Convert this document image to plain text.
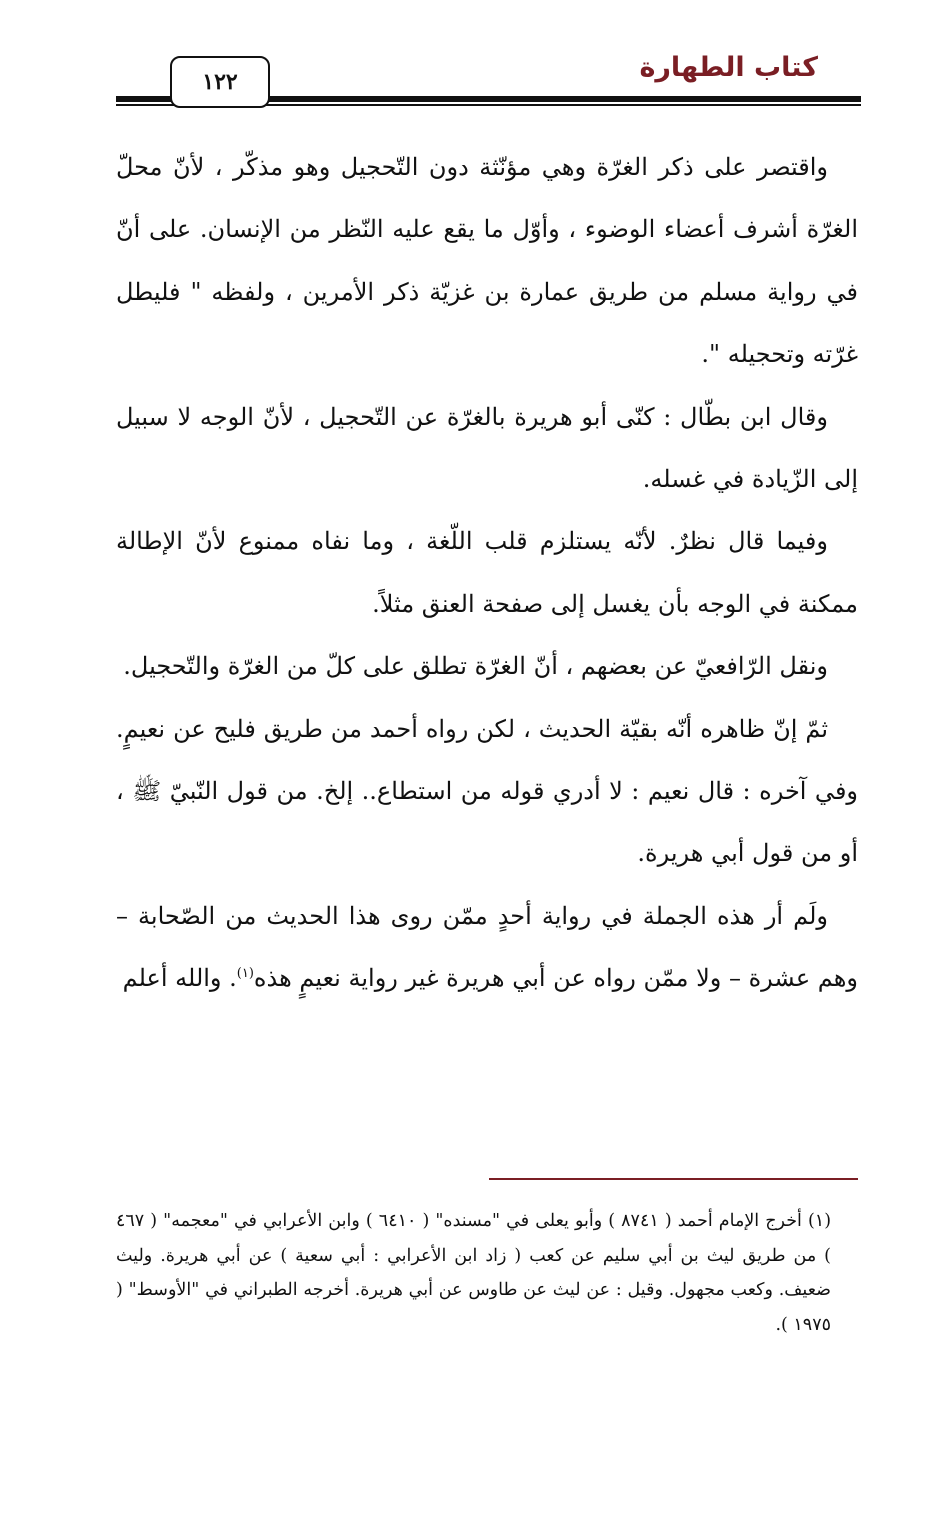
كتاب الطهارة
١٢٢

واقتصر على ذكر الغرّة وهي مؤنّثة دون التّحجيل وهو مذكّر ، لأنّ محلّ الغرّة أشرف أعضاء الوضوء ، وأوّل ما يقع عليه النّظر من الإنسان. على أنّ في رواية مسلم من طريق عمارة بن غزيّة ذكر الأمرين ، ولفظه " فليطل غرّته وتحجيله ".

وقال ابن بطّال : كنّى أبو هريرة بالغرّة عن التّحجيل ، لأنّ الوجه لا سبيل إلى الزّيادة في غسله.

وفيما قال نظرٌ. لأنّه يستلزم قلب اللّغة ، وما نفاه ممنوع لأنّ الإطالة ممكنة في الوجه بأن يغسل إلى صفحة العنق مثلاً.

ونقل الرّافعيّ عن بعضهم ، أنّ الغرّة تطلق على كلّ من الغرّة والتّحجيل.

ثمّ إنّ ظاهره أنّه بقيّة الحديث ، لكن رواه أحمد من طريق فليح عن نعيمٍ. وفي آخره : قال نعيم : لا أدري قوله من استطاع.. إلخ. من قول النّبيّ ﷺ ، أو من قول أبي هريرة.

ولَم أر هذه الجملة في رواية أحدٍ ممّن روى هذا الحديث من الصّحابة – وهم عشرة – ولا ممّن رواه عن أبي هريرة غير رواية نعيمٍ هذه$^{(١)}$. والله أعلم

(١) أخرج الإمام أحمد ( ٨٧٤١ ) وأبو يعلى في "مسنده" ( ٦٤١٠ ) وابن الأعرابي في "معجمه" ( ٤٦٧ ) من طريق ليث بن أبي سليم عن كعب ( زاد ابن الأعرابي : أبي سعية ) عن أبي هريرة. وليث ضعيف. وكعب مجهول. وقيل : عن ليث عن طاوس عن أبي هريرة. أخرجه الطبراني في "الأوسط" ( ١٩٧٥ ).
